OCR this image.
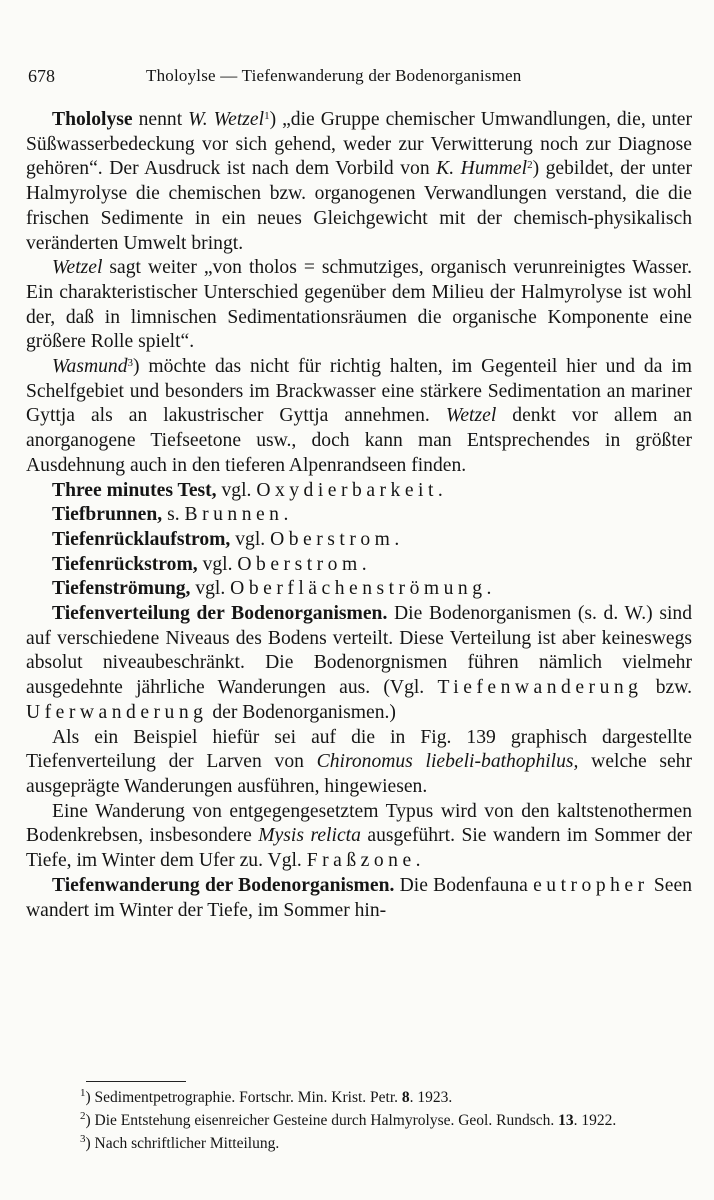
678	Tholoylse — Tiefenwanderung der Bodenorganismen

Thololyse nennt W. Wetzel$^1$) „die Gruppe chemischer Umwandlungen, die, unter Süßwasserbedeckung vor sich gehend, weder zur Verwitterung noch zur Diagnose gehören“. Der Ausdruck ist nach dem Vorbild von K. Hummel$^2$) gebildet, der unter Halmyrolyse die chemischen bzw. organogenen Verwandlungen verstand, die die frischen Sedimente in ein neues Gleichgewicht mit der chemisch-physikalisch veränderten Umwelt bringt.

Wetzel sagt weiter „von tholos = schmutziges, organisch verunreinigtes Wasser. Ein charakteristischer Unterschied gegenüber dem Milieu der Halmyrolyse ist wohl der, daß in limnischen Sedimentationsräumen die organische Komponente eine größere Rolle spielt“.

Wasmund$^3$) möchte das nicht für richtig halten, im Gegenteil hier und da im Schelfgebiet und besonders im Brackwasser eine stärkere Sedimentation an mariner Gyttja als an lakustrischer Gyttja annehmen. Wetzel denkt vor allem an anorganogene Tiefseetone usw., doch kann man Entsprechendes in größter Ausdehnung auch in den tieferen Alpenrandseen finden.

Three minutes Test, vgl. Oxydierbarkeit.

Tiefbrunnen, s. Brunnen.

Tiefenrücklaufstrom, vgl. Oberstrom.

Tiefenrückstrom, vgl. Oberstrom.

Tiefenströmung, vgl. Oberflächenströmung.

Tiefenverteilung der Bodenorganismen. Die Bodenorganismen (s. d. W.) sind auf verschiedene Niveaus des Bodens verteilt. Diese Verteilung ist aber keineswegs absolut niveaubeschränkt. Die Bodenorgnismen führen nämlich vielmehr ausgedehnte jährliche Wanderungen aus. (Vgl. Tiefenwanderung bzw. Uferwanderung der Bodenorganismen.)

Als ein Beispiel hiefür sei auf die in Fig. 139 graphisch dargestellte Tiefenverteilung der Larven von Chironomus liebeli-bathophilus, welche sehr ausgeprägte Wanderungen ausführen, hingewiesen.

Eine Wanderung von entgegengesetztem Typus wird von den kaltstenothermen Bodenkrebsen, insbesondere Mysis relicta ausgeführt. Sie wandern im Sommer der Tiefe, im Winter dem Ufer zu. Vgl. Fraßzone.

Tiefenwanderung der Bodenorganismen. Die Bodenfauna eutropher Seen wandert im Winter der Tiefe, im Sommer hin-

$^1$) Sedimentpetrographie. Fortschr. Min. Krist. Petr. 8. 1923.

$^2$) Die Entstehung eisenreicher Gesteine durch Halmyrolyse. Geol. Rundsch. 13. 1922.

$^3$) Nach schriftlicher Mitteilung.
